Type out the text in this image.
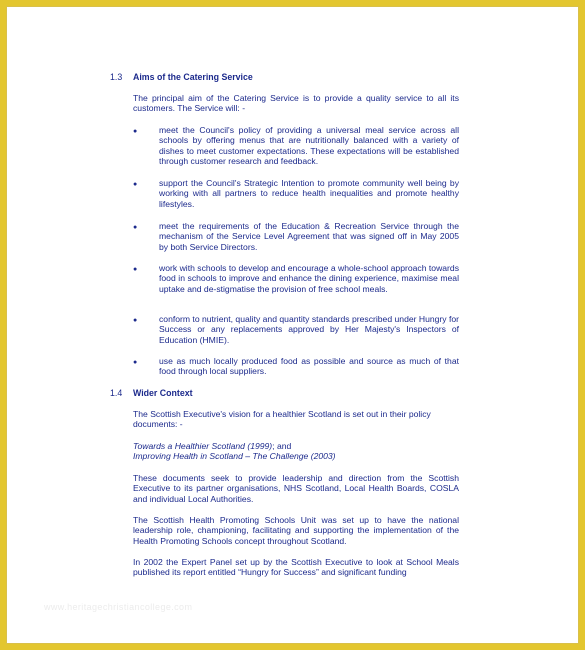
1.3 Aims of the Catering Service
The principal aim of the Catering Service is to provide a quality service to all its customers. The Service will: -
●	meet the Council's policy of providing a universal meal service across all schools by offering menus that are nutritionally balanced with a variety of dishes to meet customer expectations. These expectations will be established through customer research and feedback.
●	support the Council's Strategic Intention to promote community well being by working with all partners to reduce health inequalities and promote healthy lifestyles.
●	meet the requirements of the Education & Recreation Service through the mechanism of the Service Level Agreement that was signed off in May 2005 by both Service Directors.
●	work with schools to develop and encourage a whole-school approach towards food in schools to improve and enhance the dining experience, maximise meal uptake and de-stigmatise the provision of free school meals.
●	conform to nutrient, quality and quantity standards prescribed under Hungry for Success or any replacements approved by Her Majesty's Inspectors of Education (HMIE).
●	use as much locally produced food as possible and source as much of that food through local suppliers.
1.4 Wider Context
The Scottish Executive's vision for a healthier Scotland is set out in their policy documents: -
Towards a Healthier Scotland (1999); and
Improving Health in Scotland – The Challenge (2003)
These documents seek to provide leadership and direction from the Scottish Executive to its partner organisations, NHS Scotland, Local Health Boards, COSLA and individual Local Authorities.
The Scottish Health Promoting Schools Unit was set up to have the national leadership role, championing, facilitating and supporting the implementation of the Health Promoting Schools concept throughout Scotland.
In 2002 the Expert Panel set up by the Scottish Executive to look at School Meals published its report entitled “Hungry for Success” and significant funding
www.heritagechristiancollege.com
